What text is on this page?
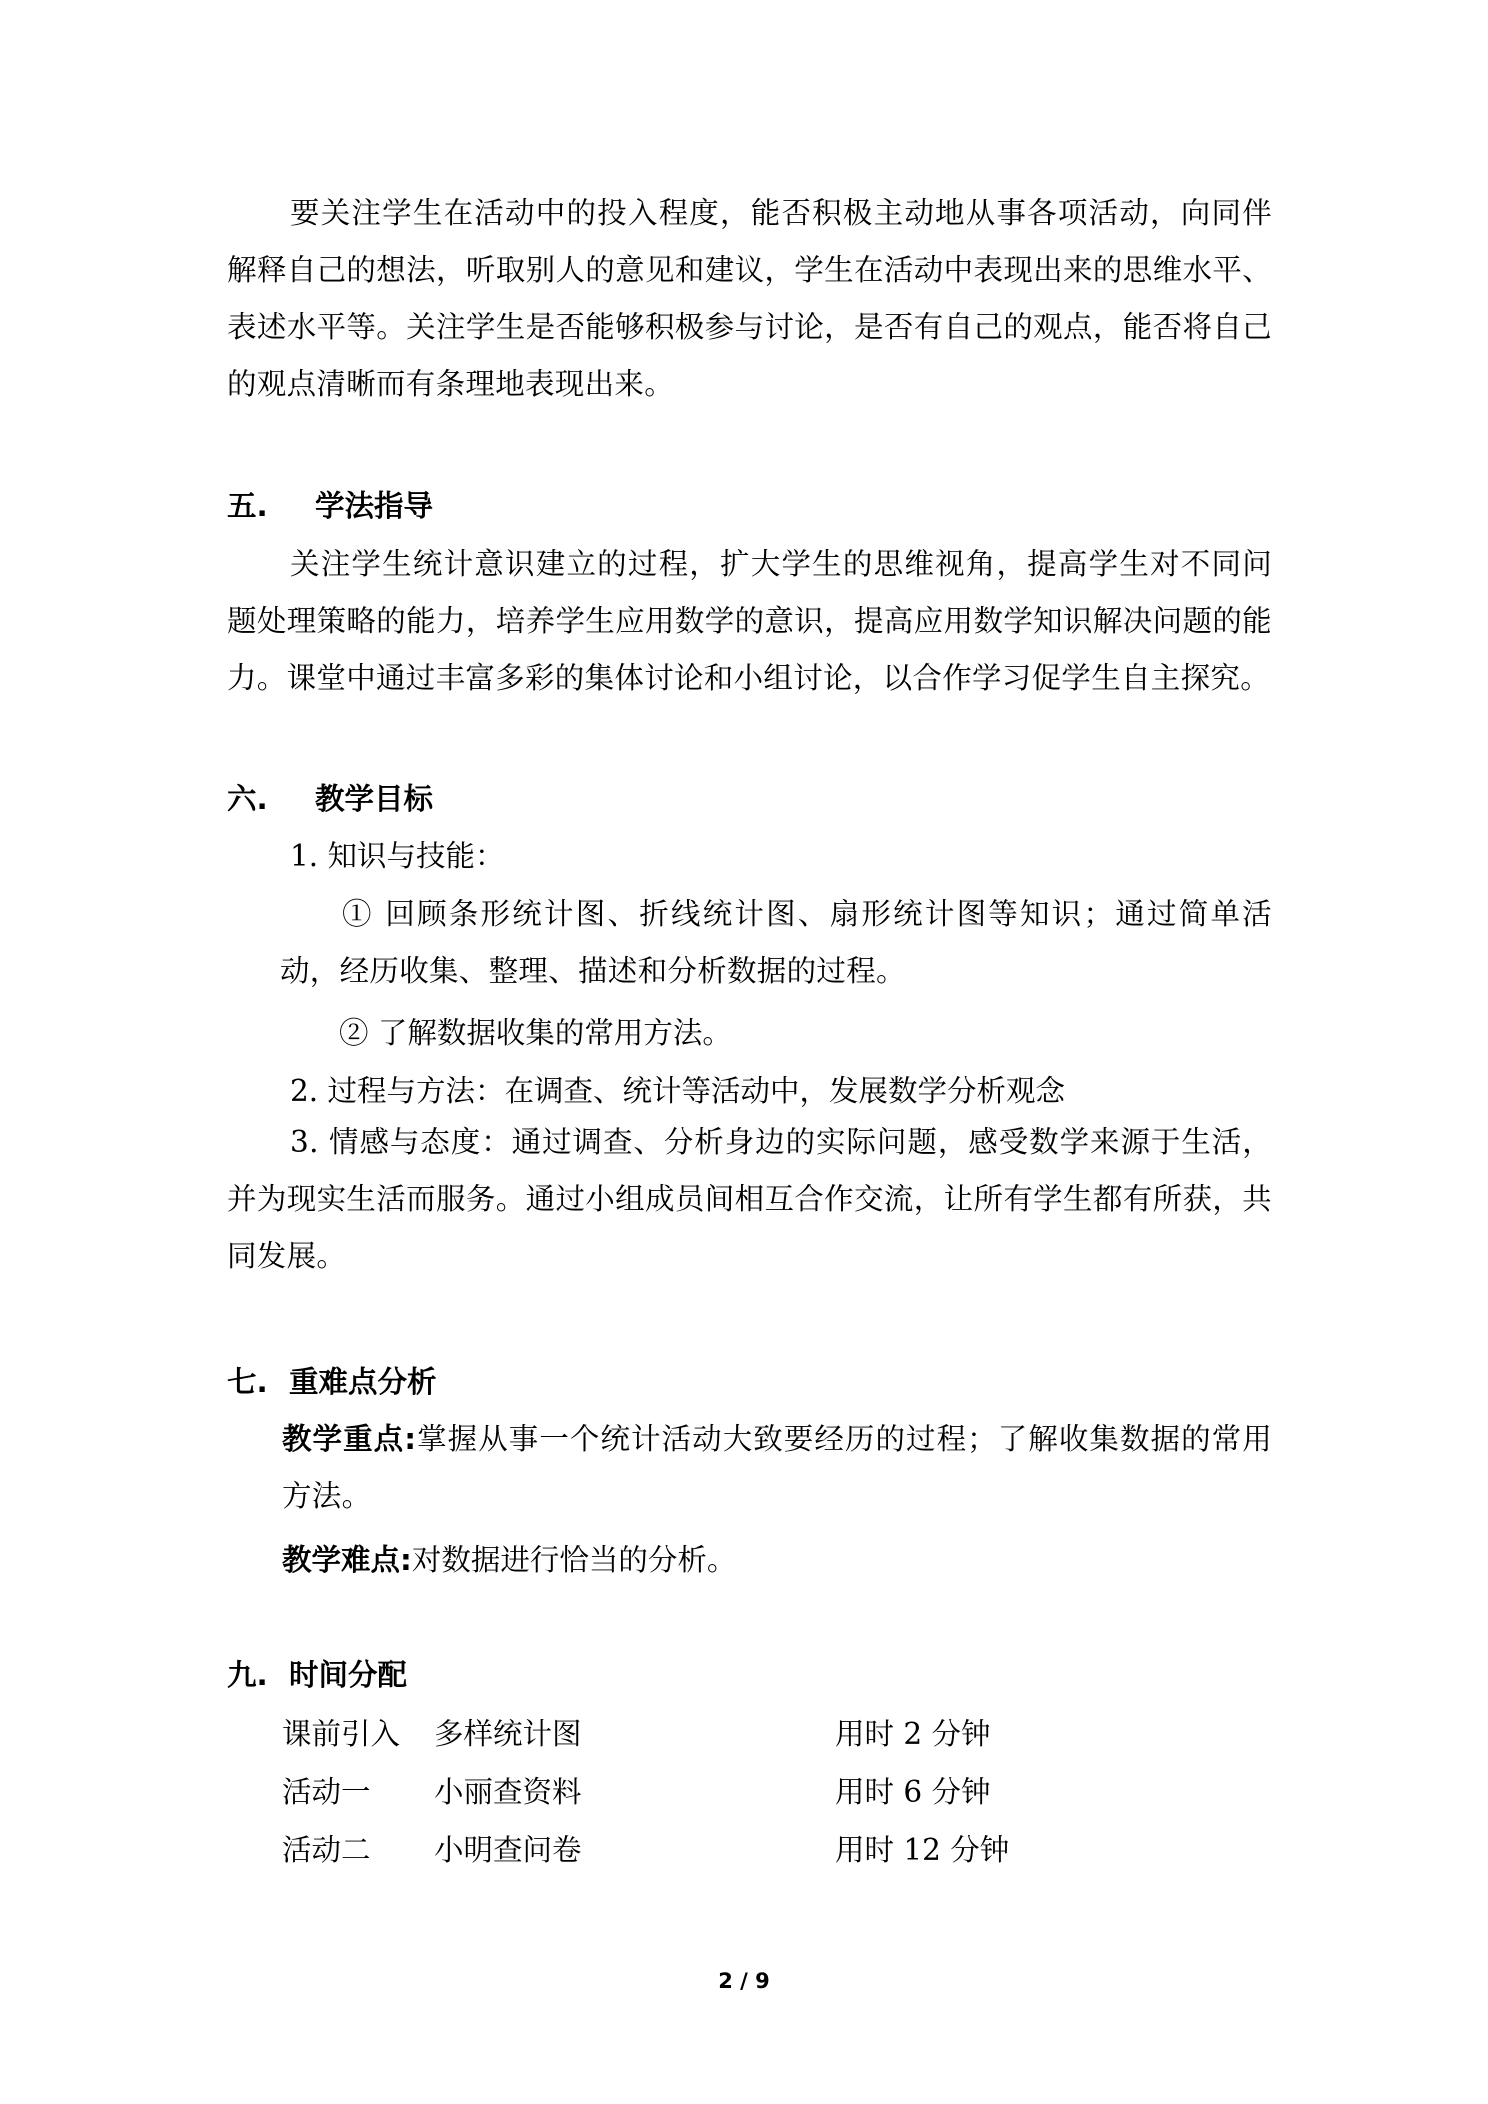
要关注学生在活动中的投入程度，能否积极主动地从事各项活动，向同伴解释自己的想法，听取别人的意见和建议，学生在活动中表现出来的思维水平、表述水平等。关注学生是否能够积极参与讨论，是否有自己的观点，能否将自己的观点清晰而有条理地表现出来。
五. 学法指导
关注学生统计意识建立的过程，扩大学生的思维视角，提高学生对不同问题处理策略的能力，培养学生应用数学的意识，提高应用数学知识解决问题的能力。课堂中通过丰富多彩的集体讨论和小组讨论，以合作学习促学生自主探究。
六. 教学目标
1. 知识与技能：
① 回顾条形统计图、折线统计图、扇形统计图等知识；通过简单活动，经历收集、整理、描述和分析数据的过程。
② 了解数据收集的常用方法。
2. 过程与方法：在调查、统计等活动中，发展数学分析观念
3. 情感与态度：通过调查、分析身边的实际问题，感受数学来源于生活，并为现实生活而服务。通过小组成员间相互合作交流，让所有学生都有所获，共同发展。
七. 重难点分析
教学重点:掌握从事一个统计活动大致要经历的过程；了解收集数据的常用方法。
教学难点:对数据进行恰当的分析。
九. 时间分配
课前引入 多样统计图	用时 2 分钟
活动一 小丽查资料	用时 6 分钟
活动二 小明查问卷	用时 12 分钟
2 / 9
